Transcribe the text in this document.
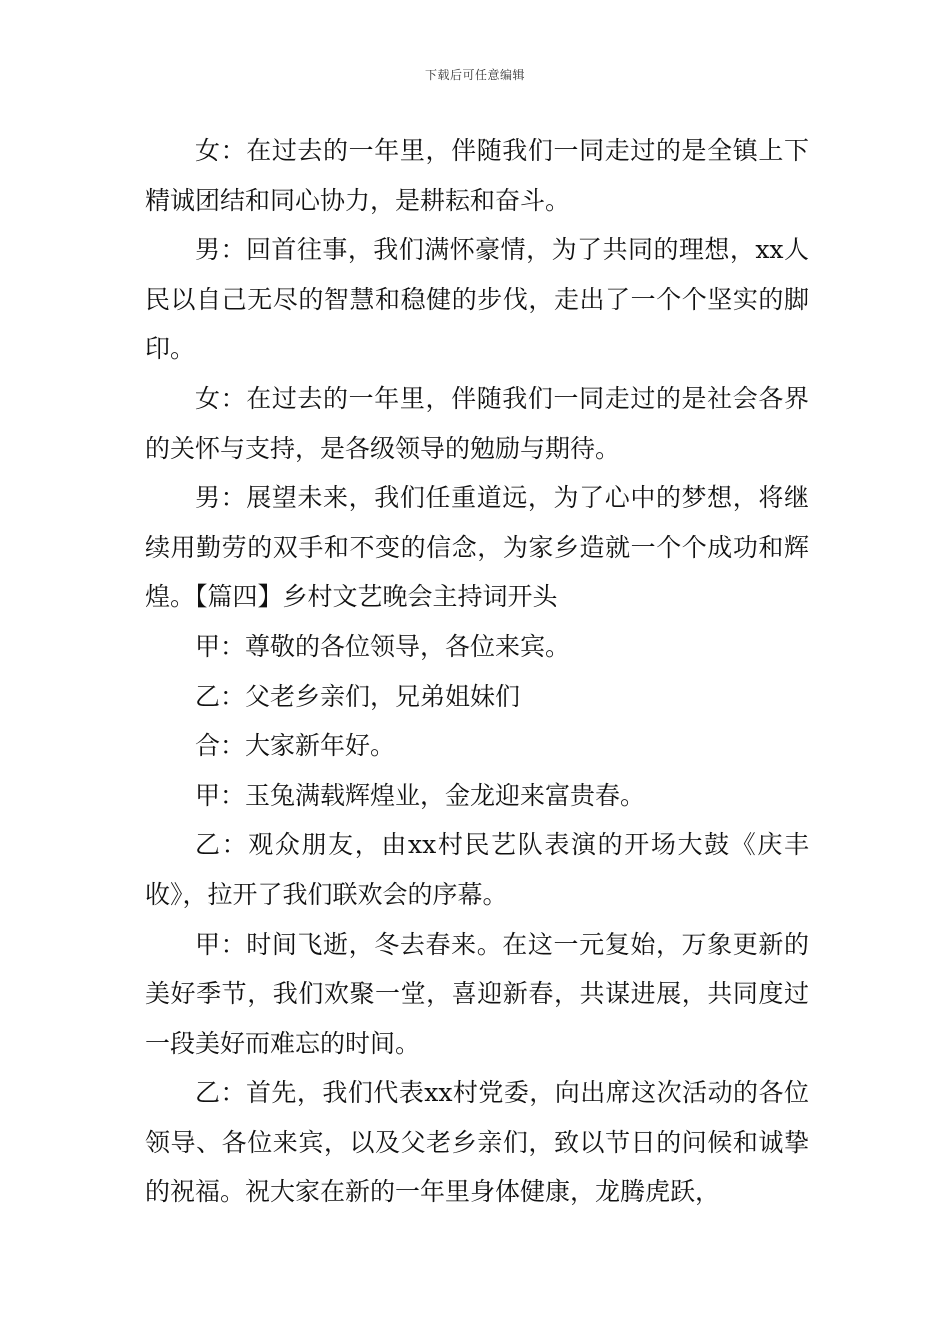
下载后可任意编辑

女：在过去的一年里，伴随我们一同走过的是全镇上下精诚团结和同心协力，是耕耘和奋斗。

男：回首往事，我们满怀豪情，为了共同的理想，xx人民以自己无尽的智慧和稳健的步伐，走出了一个个坚实的脚印。

女：在过去的一年里，伴随我们一同走过的是社会各界的关怀与支持，是各级领导的勉励与期待。

男：展望未来，我们任重道远，为了心中的梦想，将继续用勤劳的双手和不变的信念，为家乡造就一个个成功和辉煌。【篇四】乡村文艺晚会主持词开头

甲：尊敬的各位领导，各位来宾。

乙：父老乡亲们，兄弟姐妹们

合：大家新年好。

甲：玉兔满载辉煌业，金龙迎来富贵春。

乙：观众朋友，由xx村民艺队表演的开场大鼓《庆丰收》，拉开了我们联欢会的序幕。

甲：时间飞逝，冬去春来。在这一元复始，万象更新的美好季节，我们欢聚一堂，喜迎新春，共谋进展，共同度过一段美好而难忘的时间。

乙：首先，我们代表xx村党委，向出席这次活动的各位领导、各位来宾，以及父老乡亲们，致以节日的问候和诚挚的祝福。祝大家在新的一年里身体健康，龙腾虎跃，
